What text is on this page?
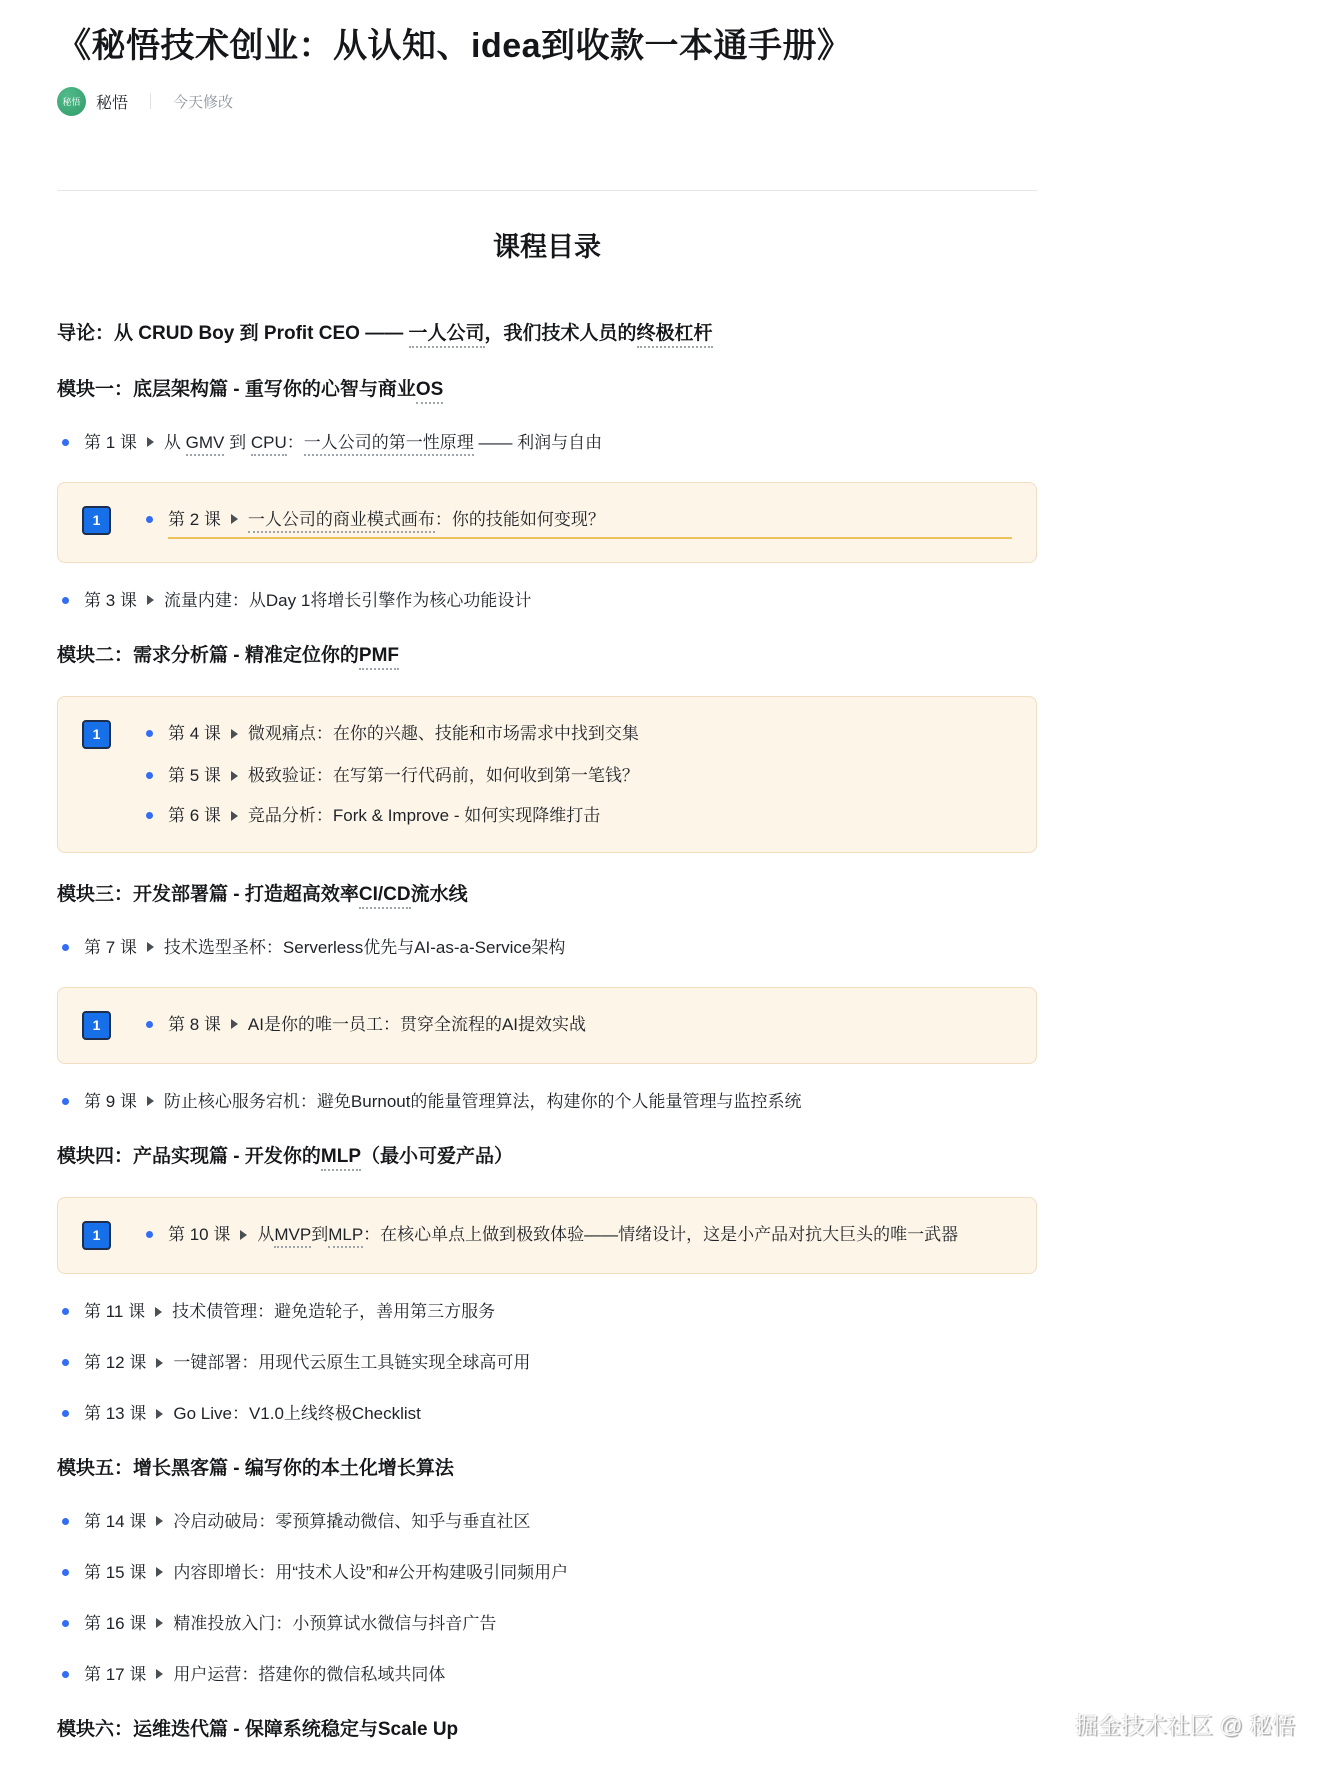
《秘悟技术创业：从认知、idea到收款一本通手册》
秘悟 秘悟	今天修改
课程目录
导论：从 CRUD Boy 到 Profit CEO —— 一人公司，我们技术人员的终极杠杆
模块一：底层架构篇 - 重写你的心智与商业OS
第 1 课 从 GMV 到 CPU：一人公司的第一性原理 —— 利润与自由
1	第 2 课 一人公司的商业模式画布：你的技能如何变现？
第 3 课 流量内建：从Day 1将增长引擎作为核心功能设计
模块二：需求分析篇 - 精准定位你的PMF
1	第 4 课 微观痛点：在你的兴趣、技能和市场需求中找到交集
第 5 课 极致验证：在写第一行代码前，如何收到第一笔钱？
第 6 课 竞品分析：Fork & Improve - 如何实现降维打击
模块三：开发部署篇 - 打造超高效率CI/CD流水线
第 7 课 技术选型圣杯：Serverless优先与AI-as-a-Service架构
1	第 8 课 AI是你的唯一员工：贯穿全流程的AI提效实战
第 9 课 防止核心服务宕机：避免Burnout的能量管理算法，构建你的个人能量管理与监控系统
模块四：产品实现篇 - 开发你的MLP（最小可爱产品）
1	第 10 课 从MVP到MLP：在核心单点上做到极致体验——情绪设计，这是小产品对抗大巨头的唯一武器
第 11 课 技术债管理：避免造轮子，善用第三方服务
第 12 课 一键部署：用现代云原生工具链实现全球高可用
第 13 课 Go Live：V1.0上线终极Checklist
模块五：增长黑客篇 - 编写你的本土化增长算法
第 14 课 冷启动破局：零预算撬动微信、知乎与垂直社区
第 15 课 内容即增长：用“技术人设”和#公开构建吸引同频用户
第 16 课 精准投放入门：小预算试水微信与抖音广告
第 17 课 用户运营：搭建你的微信私域共同体
模块六：运维迭代篇 - 保障系统稳定与Scale Up	掘金技术社区 @ 秘悟
